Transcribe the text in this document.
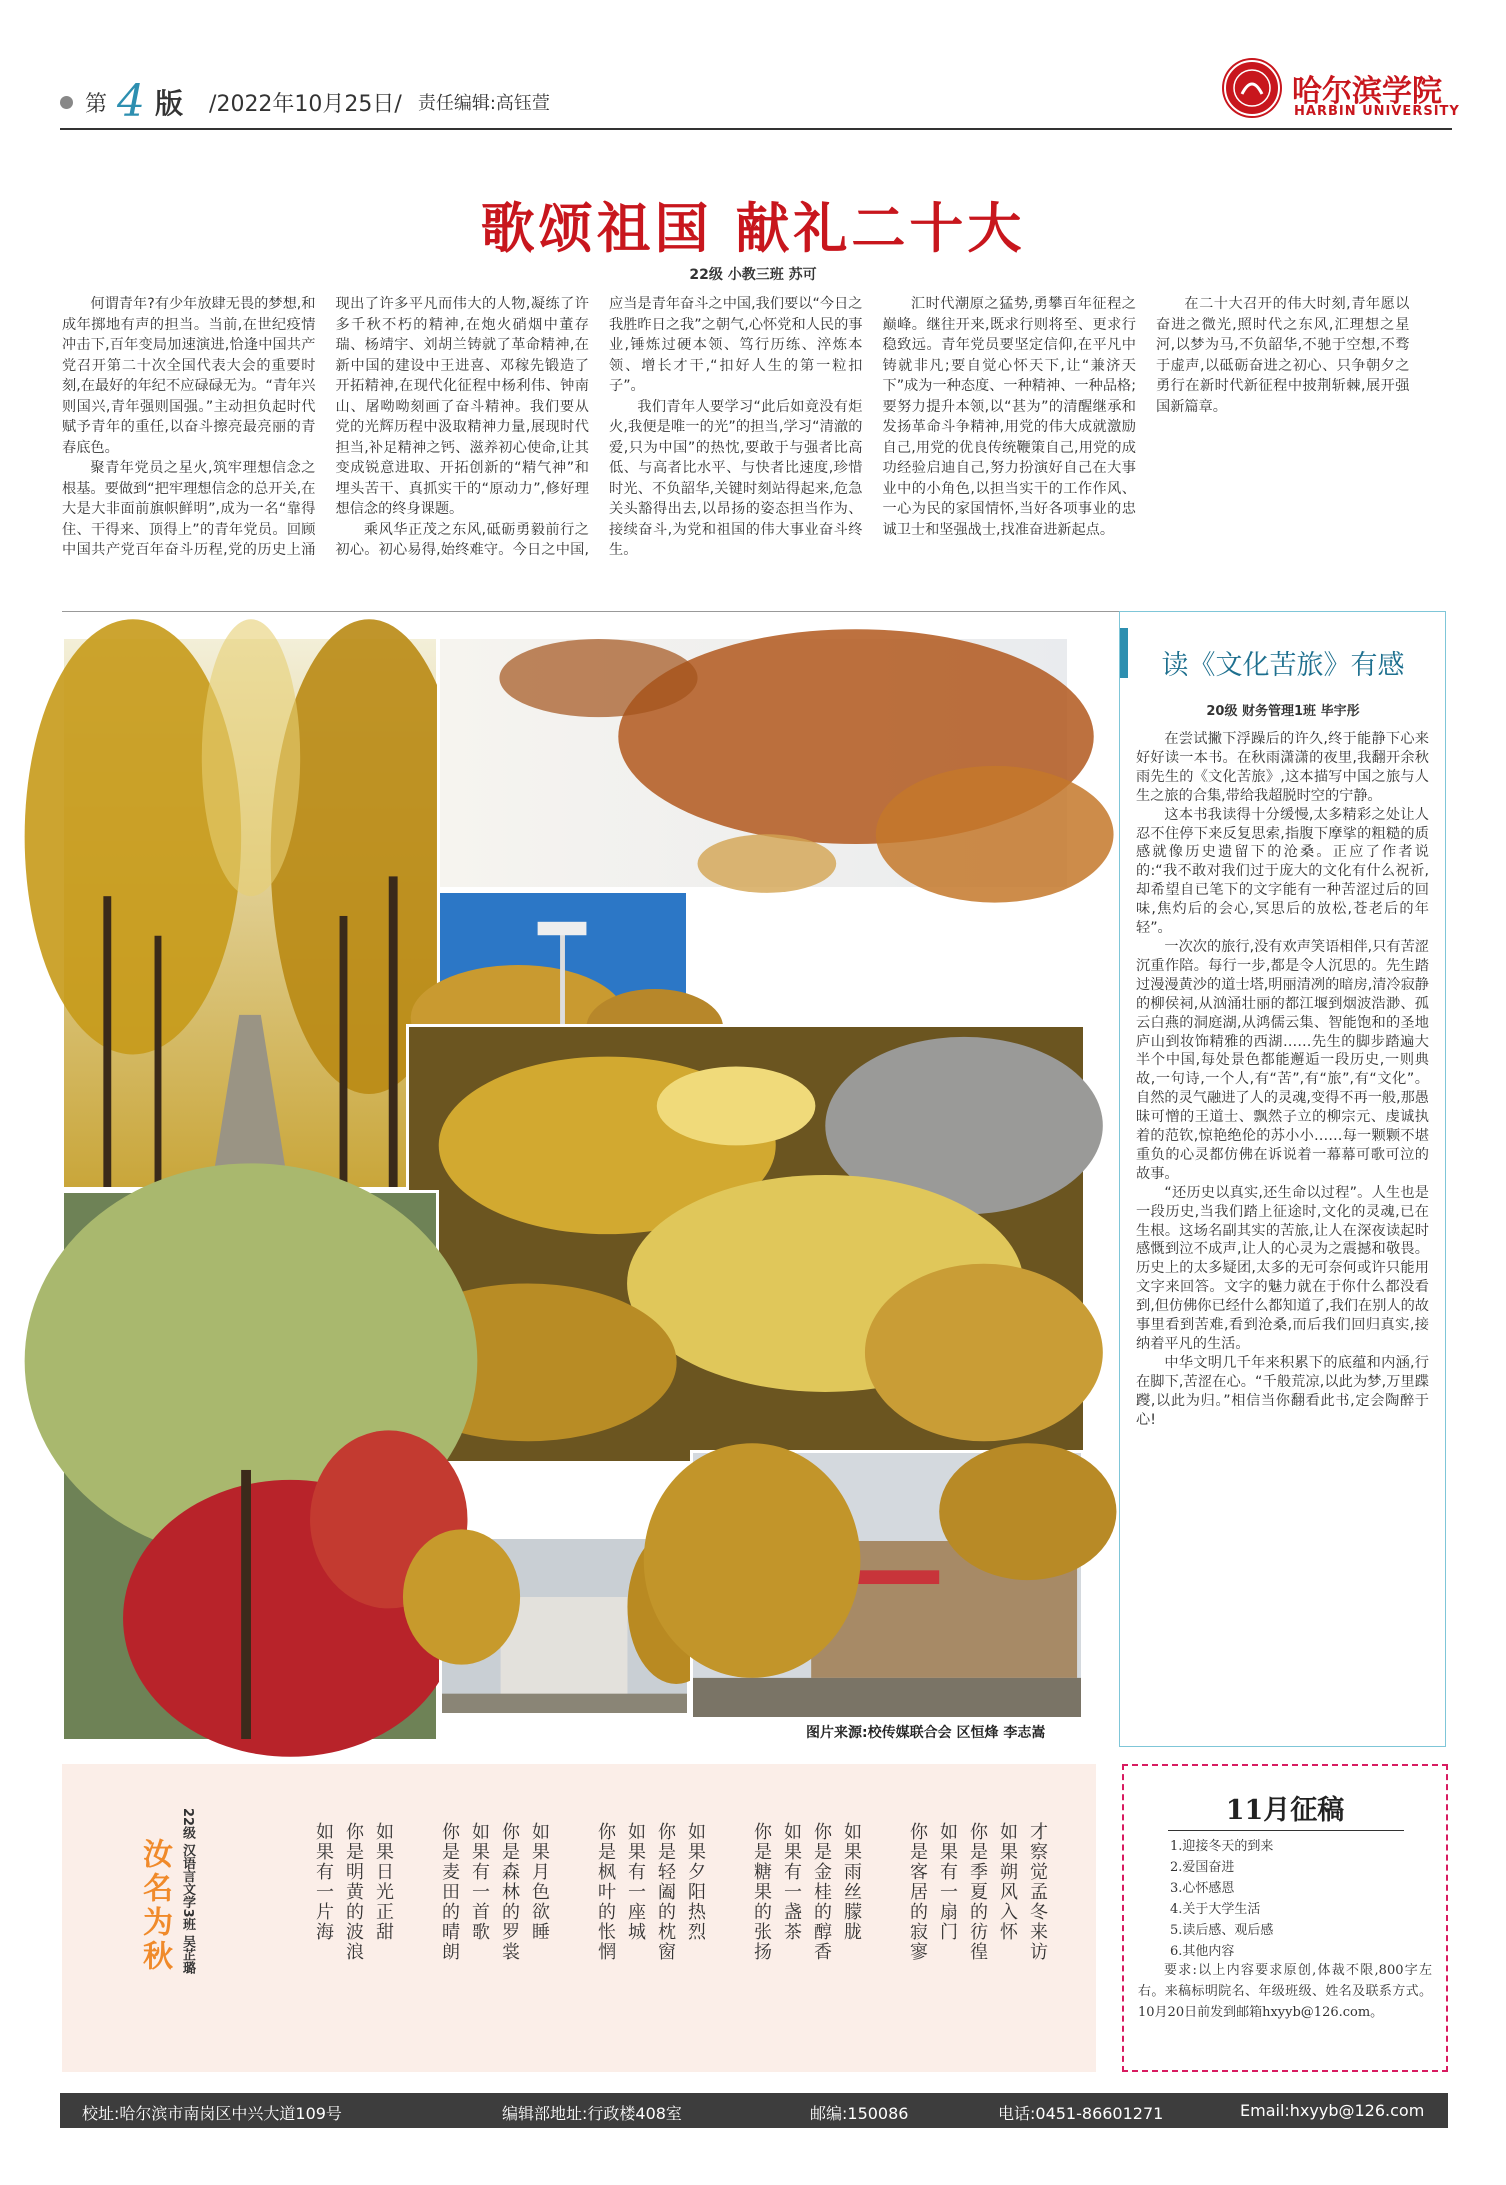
第 4 版 /2022年10月25日/ 责任编辑:高钰萱	哈尔滨学院
HARBIN UNIVERSITY
歌颂祖国 献礼二十大
22级 小教三班 苏可

何谓青年?有少年放肆无畏的梦想,和成年掷地有声的担当。当前,在世纪疫情冲击下,百年变局加速演进,恰逢中国共产党召开第二十次全国代表大会的重要时刻,在最好的年纪不应碌碌无为。“青年兴则国兴,青年强则国强。”主动担负起时代赋予青年的重任,以奋斗擦亮最亮丽的青春底色。

聚青年党员之星火,筑牢理想信念之根基。要做到“把牢理想信念的总开关,在大是大非面前旗帜鲜明”,成为一名“靠得住、干得来、顶得上”的青年党员。回顾中国共产党百年奋斗历程,党的历史上涌现出了许多平凡而伟大的人物,凝练了许多千秋不朽的精神,在炮火硝烟中董存瑞、杨靖宇、刘胡兰铸就了革命精神,在新中国的建设中王进喜、邓稼先锻造了开拓精神,在现代化征程中杨利伟、钟南山、屠呦呦刻画了奋斗精神。我们要从党的光辉历程中汲取精神力量,展现时代担当,补足精神之钙、滋养初心使命,让其变成锐意进取、开拓创新的“精气神”和埋头苦干、真抓实干的“原动力”,修好理想信念的终身课题。

乘风华正茂之东风,砥砺勇毅前行之初心。初心易得,始终难守。今日之中国,应当是青年奋斗之中国,我们要以“今日之我胜昨日之我”之朝气,心怀党和人民的事业,锤炼过硬本领、笃行历练、淬炼本领、增长才干,“扣好人生的第一粒扣子”。

我们青年人要学习“此后如竟没有炬火,我便是唯一的光”的担当,学习“清澈的爱,只为中国”的热忱,要敢于与强者比高低、与高者比水平、与快者比速度,珍惜时光、不负韶华,关键时刻站得起来,危急关头豁得出去,以昂扬的姿态担当作为、接续奋斗,为党和祖国的伟大事业奋斗终生。

汇时代潮原之猛势,勇攀百年征程之巅峰。继往开来,既求行则将至、更求行稳致远。青年党员要坚定信仰,在平凡中铸就非凡;要自觉心怀天下,让“兼济天下”成为一种态度、一种精神、一种品格;要努力提升本领,以“甚为”的清醒继承和发扬革命斗争精神,用党的伟大成就激励自己,用党的优良传统鞭策自己,用党的成功经验启迪自己,努力扮演好自己在大事业中的小角色,以担当实干的工作作风、一心为民的家国情怀,当好各项事业的忠诚卫士和坚强战士,找准奋进新起点。

在二十大召开的伟大时刻,青年愿以奋进之微光,照时代之东风,汇理想之星河,以梦为马,不负韶华,不驰于空想,不骛于虚声,以砥砺奋进之初心、只争朝夕之勇行在新时代新征程中披荆斩棘,展开强国新篇章。

图片来源:校传媒联合会 区恒烽 李志嵩
读《文化苦旅》有感
20级 财务管理1班 毕宇彤

在尝试撇下浮躁后的许久,终于能静下心来好好读一本书。在秋雨潇潇的夜里,我翻开余秋雨先生的《文化苦旅》,这本描写中国之旅与人生之旅的合集,带给我超脱时空的宁静。

这本书我读得十分缓慢,太多精彩之处让人忍不住停下来反复思索,指腹下摩挲的粗糙的质感就像历史遗留下的沧桑。正应了作者说的:“我不敢对我们过于庞大的文化有什么祝祈,却希望自已笔下的文字能有一种苦涩过后的回味,焦灼后的会心,冥思后的放松,苍老后的年轻”。

一次次的旅行,没有欢声笑语相伴,只有苦涩沉重作陪。每行一步,都是令人沉思的。先生踏过漫漫黄沙的道士塔,明丽清冽的暗房,清冷寂静的柳侯祠,从汹涌壮丽的都江堰到烟波浩渺、孤云白燕的洞庭湖,从鸿儒云集、智能饱和的圣地庐山到妆饰精雅的西湖……先生的脚步踏遍大半个中国,每处景色都能邂逅一段历史,一则典故,一句诗,一个人,有“苦”,有“旅”,有“文化”。自然的灵气融进了人的灵魂,变得不再一般,那愚昧可憎的王道士、飘然子立的柳宗元、虔诚执着的范钦,惊艳绝伦的苏小小……每一颗颗不堪重负的心灵都仿佛在诉说着一幕幕可歌可泣的故事。

“还历史以真实,还生命以过程”。人生也是一段历史,当我们踏上征途时,文化的灵魂,已在生根。这场名副其实的苦旅,让人在深夜读起时感慨到泣不成声,让人的心灵为之震撼和敬畏。历史上的太多疑团,太多的无可奈何或许只能用文字来回答。文字的魅力就在于你什么都没看到,但仿佛你已经什么都知道了,我们在别人的故事里看到苦难,看到沧桑,而后我们回归真实,接纳着平凡的生活。

中华文明几千年来积累下的底蕴和内涵,行在脚下,苦涩在心。“千般荒凉,以此为梦,万里蹀躞,以此为归。”相信当你翻看此书,定会陶醉于心!

汝名为秋 22级 汉语言文学3班 吴芷璐	才察觉孟冬来访
如果朔风入怀
你是季夏的彷徨
如果有一扇门
你是客居的寂寥
如果雨丝朦胧
你是金桂的醇香
如果有一盏茶
你是糖果的张扬
如果夕阳热烈
你是轻阖的枕窗
如果有一座城
你是枫叶的怅惘
如果月色欲睡
你是森林的罗裳
如果有一首歌
你是麦田的晴朗
如果日光正甜
你是明黄的波浪
如果有一片海
11月征稿
1.迎接冬天的到来
2.爱国奋进
3.心怀感恩
4.关于大学生活
5.读后感、观后感
6.其他内容
要求:以上内容要求原创,体裁不限,800字左右。来稿标明院名、年级班级、姓名及联系方式。10月20日前发到邮箱hxyyb@126.com。
校址:哈尔滨市南岗区中兴大道109号	编辑部地址:行政楼408室	邮编:150086	电话:0451-86601271	Email:hxyyb@126.com
